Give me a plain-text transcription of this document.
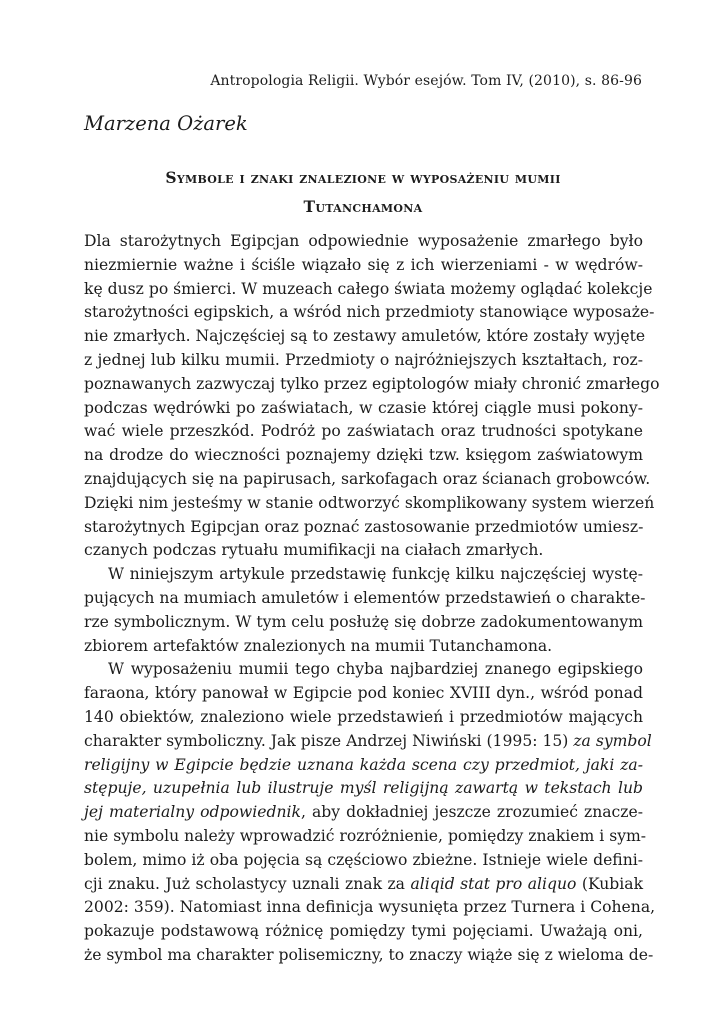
Antropologia Religii. Wybór esejów. Tom IV, (2010), s. 86-96
Marzena Ożarek
Symbole i znaki znalezione w wyposażeniu mumii
Tutanchamona
Dla starożytnych Egipcjan odpowiednie wyposażenie zmarłego było
niezmiernie ważne i ściśle wiązało się z ich wierzeniami - w wędrów-
kę dusz po śmierci. W muzeach całego świata możemy oglądać kolekcje
starożytności egipskich, a wśród nich przedmioty stanowiące wyposaże-
nie zmarłych. Najczęściej są to zestawy amuletów, które zostały wyjęte
z jednej lub kilku mumii. Przedmioty o najróżniejszych kształtach, roz-
poznawanych zazwyczaj tylko przez egiptologów miały chronić zmarłego
podczas wędrówki po zaświatach, w czasie której ciągle musi pokony-
wać wiele przeszkód. Podróż po zaświatach oraz trudności spotykane
na drodze do wieczności poznajemy dzięki tzw. księgom zaświatowym
znajdujących się na papirusach, sarkofagach oraz ścianach grobowców.
Dzięki nim jesteśmy w stanie odtworzyć skomplikowany system wierzeń
starożytnych Egipcjan oraz poznać zastosowanie przedmiotów umiesz-
czanych podczas rytuału mumifikacji na ciałach zmarłych.
W niniejszym artykule przedstawię funkcję kilku najczęściej wystę-
pujących na mumiach amuletów i elementów przedstawień o charakte-
rze symbolicznym. W tym celu posłużę się dobrze zadokumentowanym
zbiorem artefaktów znalezionych na mumii Tutanchamona.
W wyposażeniu mumii tego chyba najbardziej znanego egipskiego
faraona, który panował w Egipcie pod koniec XVIII dyn., wśród ponad
140 obiektów, znaleziono wiele przedstawień i przedmiotów mających
charakter symboliczny. Jak pisze Andrzej Niwiński (1995: 15) za symbol
religijny w Egipcie będzie uznana każda scena czy przedmiot, jaki za-
stępuje, uzupełnia lub ilustruje myśl religijną zawartą w tekstach lub
jej materialny odpowiednik, aby dokładniej jeszcze zrozumieć znacze-
nie symbolu należy wprowadzić rozróżnienie, pomiędzy znakiem i sym-
bolem, mimo iż oba pojęcia są częściowo zbieżne. Istnieje wiele defini-
cji znaku. Już scholastycy uznali znak za aliqid stat pro aliquo (Kubiak
2002: 359). Natomiast inna definicja wysunięta przez Turnera i Cohena,
pokazuje podstawową różnicę pomiędzy tymi pojęciami. Uważają oni,
że symbol ma charakter polisemiczny, to znaczy wiąże się z wieloma de-
